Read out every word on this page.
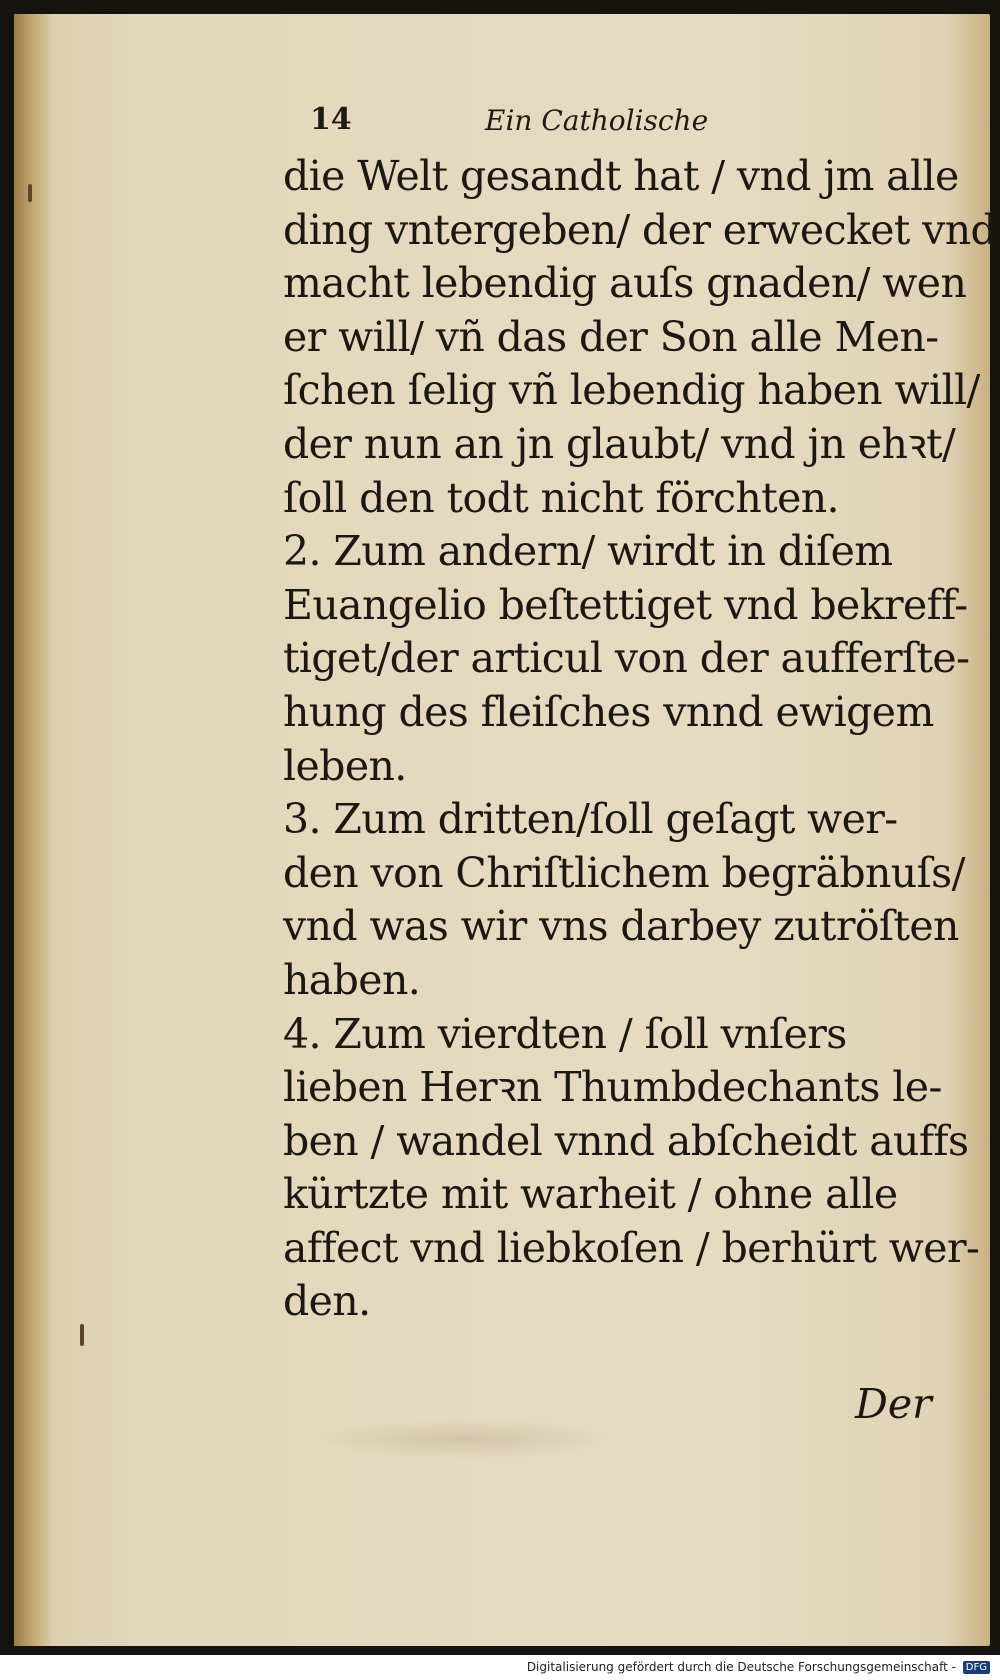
14	Ein Catholische
die Welt gesandt hat / vnd jm alle
ding vntergeben/ der erwecket vnd
macht lebendig auſs gnaden/ wen
er will/ vñ das der Son alle Men-
ſchen ſelig vñ lebendig haben will/
der nun an jn glaubt/ vnd jn ehꝛt/
ſoll den todt nicht förchten.
2. Zum andern/ wirdt in diſem
Euangelio beſtettiget vnd bekreff-
tiget/der articul von der aufferſte-
hung des fleiſches vnnd ewigem
leben.
3. Zum dritten/ſoll geſagt wer-
den von Chriſtlichem begräbnuſs/
vnd was wir vns darbey zutröſten
haben.
4. Zum vierdten / ſoll vnſers
lieben Herꝛn Thumbdechants le-
ben / wandel vnnd abſcheidt auffs
kürtzte mit warheit / ohne alle
affect vnd liebkoſen / berhürt wer-
den.
Der
Digitalisierung gefördert durch die Deutsche Forschungsgemeinschaft - DFG
